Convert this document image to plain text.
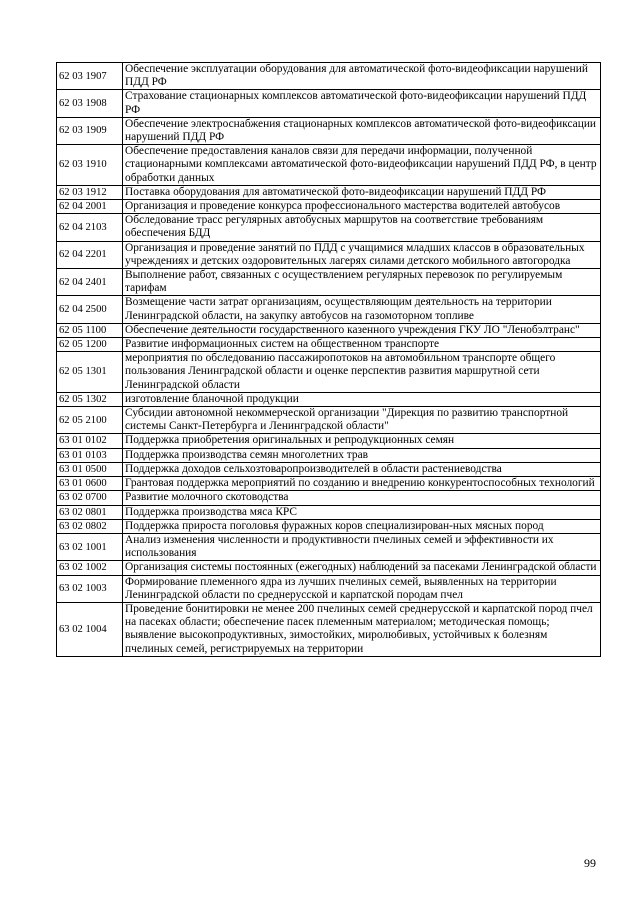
62 03 1907	Обеспечение эксплуатации оборудования для автоматической фото-видеофиксации нарушений ПДД РФ
62 03 1908	Страхование стационарных комплексов автоматической фото-видеофиксации нарушений ПДД РФ
62 03 1909	Обеспечение электроснабжения стационарных комплексов автоматической фото-видеофиксации нарушений ПДД РФ
62 03 1910	Обеспечение предоставления каналов связи для передачи информации, полученной стационарными комплексами автоматической фото-видеофиксации нарушений ПДД РФ, в центр обработки данных
62 03 1912	Поставка оборудования для автоматической фото-видеофиксации нарушений ПДД РФ
62 04 2001	Организация и проведение конкурса профессионального мастерства водителей автобусов
62 04 2103	Обследование трасс регулярных автобусных маршрутов на соответствие требованиям обеспечения БДД
62 04 2201	Организация и проведение занятий по ПДД с учащимися младших классов в образовательных учреждениях и детских оздоровительных лагерях силами детского мобильного автогородка
62 04 2401	Выполнение работ, связанных с осуществлением регулярных перевозок по регулируемым тарифам
62 04 2500	Возмещение части затрат организациям, осуществляющим деятельность на территории Ленинградской области, на закупку автобусов на газомоторном топливе
62 05 1100	Обеспечение деятельности государственного казенного учреждения ГКУ ЛО "Ленобэлтранс"
62 05 1200	Развитие информационных систем на общественном транспорте
62 05 1301	мероприятия по обследованию пассажиропотоков на автомобильном транспорте общего пользования Ленинградской области и оценке перспектив развития маршрутной сети Ленинградской области
62 05 1302	изготовление бланочной продукции
62 05 2100	Субсидии автономной некоммерческой организации "Дирекция по развитию транспортной системы Санкт-Петербурга и Ленинградской области"
63 01 0102	Поддержка приобретения оригинальных и репродукционных семян
63 01 0103	Поддержка производства семян многолетних трав
63 01 0500	Поддержка доходов сельхозтоваропроизводителей в области растениеводства
63 01 0600	Грантовая поддержка мероприятий по созданию и внедрению конкурентоспособных технологий
63 02 0700	Развитие молочного скотоводства
63 02 0801	Поддержка производства мяса КРС
63 02 0802	Поддержка прироста поголовья фуражных коров специализирован-ных мясных пород
63 02 1001	Анализ изменения численности и продуктивности пчелиных семей и эффективности их использования
63 02 1002	Организация системы постоянных (ежегодных) наблюдений за пасеками Ленинградской области
63 02 1003	Формирование племенного ядра из лучших пчелиных семей, выявленных на территории Ленинградской области по среднерусской и карпатской породам пчел
63 02 1004	Проведение бонитировки не менее 200 пчелиных семей среднерусской и карпатской пород пчел на пасеках области; обеспечение пасек племенным материалом; методическая помощь; выявление высокопродуктивных, зимостойких, миролюбивых, устойчивых к болезням пчелиных семей, регистрируемых на территории
99
